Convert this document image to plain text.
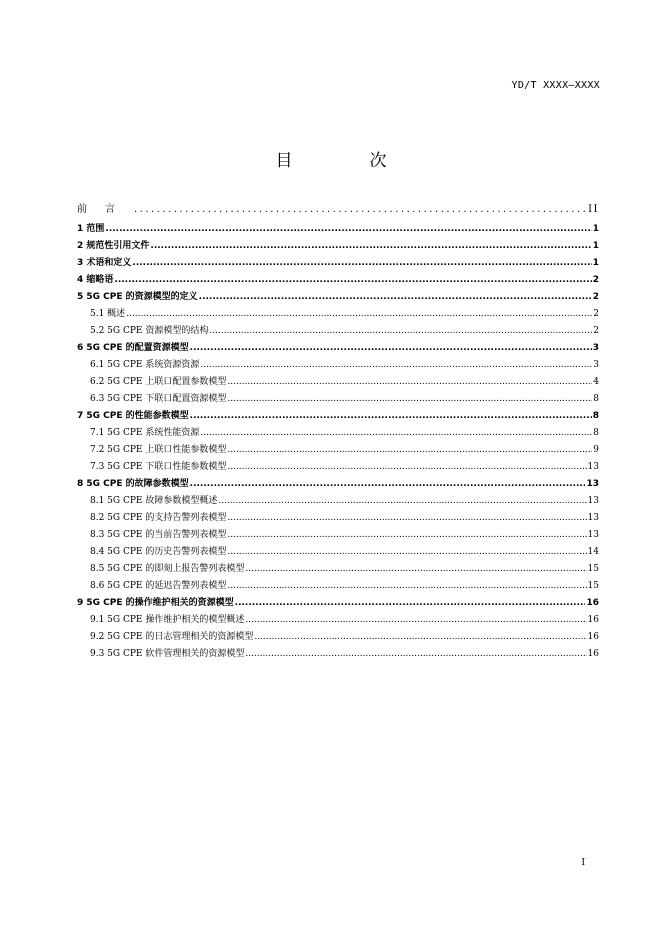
YD/T XXXX—XXXX
目　次
前言 .....	II
1 范围 .....	1
2 规范性引用文件 .....	1
3 术语和定义 .....	1
4 缩略语 .....	2
5 5G CPE 的资源模型的定义 .....	2
5.1 概述 .....	2
5.2 5G CPE 资源模型的结构 .....	2
6 5G CPE 的配置资源模型 .....	3
6.1 5G CPE 系统资源资源 .....	3
6.2 5G CPE 上联口配置参数模型 .....	4
6.3 5G CPE 下联口配置资源模型 .....	8
7 5G CPE 的性能参数模型 .....	8
7.1 5G CPE 系统性能资源 .....	8
7.2 5G CPE 上联口性能参数模型 .....	9
7.3 5G CPE 下联口性能参数模型 .....	13
8 5G CPE 的故障参数模型 .....	13
8.1 5G CPE 故障参数模型概述 .....	13
8.2 5G CPE 的支持告警列表模型 .....	13
8.3 5G CPE 的当前告警列表模型 .....	13
8.4 5G CPE 的历史告警列表模型 .....	14
8.5 5G CPE 的即刻上报告警列表模型 .....	15
8.6 5G CPE 的延迟告警列表模型 .....	15
9 5G CPE 的操作维护相关的资源模型 .....	16
9.1 5G CPE 操作维护相关的模型概述 .....	16
9.2 5G CPE 的日志管理相关的资源模型 .....	16
9.3 5G CPE 软件管理相关的资源模型 .....	16
I
